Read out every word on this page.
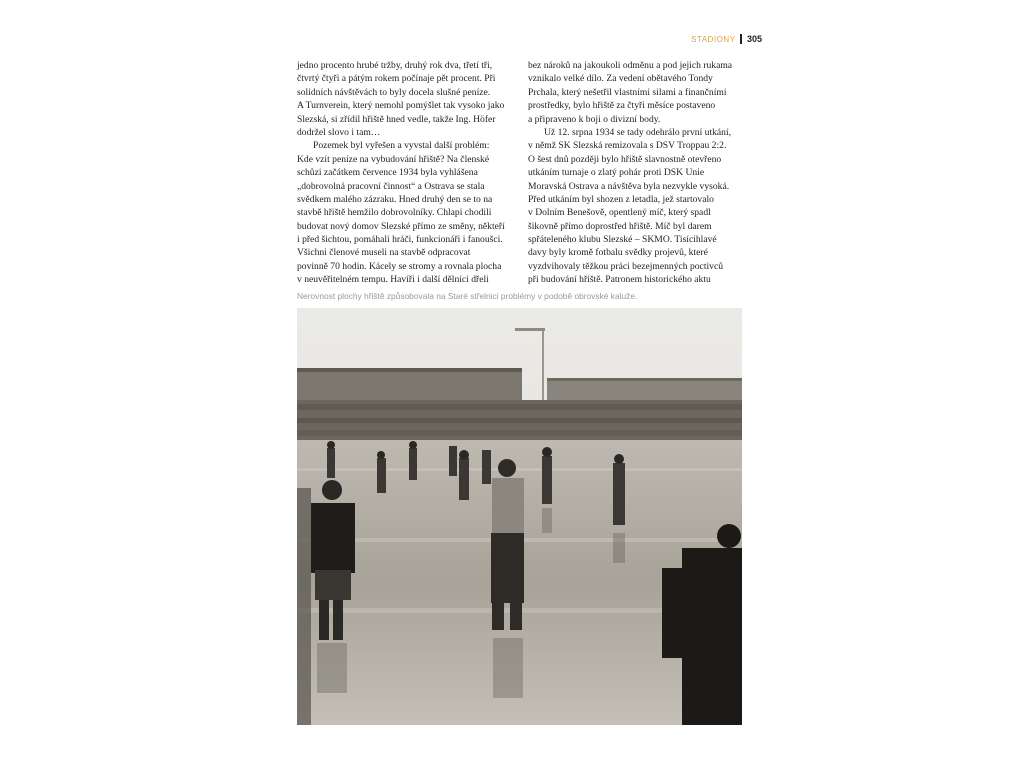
STADIONY 305
jedno procento hrubé tržby, druhý rok dva, třetí tři,
čtvrtý čtyři a pátým rokem počínaje pět procent. Při
solidních návštěvách to byly docela slušné peníze.
A Turnverein, který nemohl pomýšlet tak vysoko jako
Slezská, si zřídil hřiště hned vedle, takže Ing. Höfer
dodržel slovo i tam…
Pozemek byl vyřešen a vyvstal další problém:
Kde vzít peníze na vybudování hřiště? Na členské
schůzi začátkem července 1934 byla vyhlášena
„dobrovolná pracovní činnost“ a Ostrava se stala
svědkem malého zázraku. Hned druhý den se to na
stavbě hřiště hemžilo dobrovolníky. Chlapi chodili
budovat nový domov Slezské přímo ze směny, někteří
i před šichtou, pomáhali hráči, funkcionáři i fanoušci.
Všichni členové museli na stavbě odpracovat
povinně 70 hodin. Kácely se stromy a rovnala plocha
v neuvěřitelném tempu. Havíři i další dělníci dřeli
bez nároků na jakoukoli odměnu a pod jejich rukama
vznikalo velké dílo. Za vedení obětavého Tondy
Prchala, který nešetřil vlastními silami a finančními
prostředky, bylo hřiště za čtyři měsíce postaveno
a připraveno k boji o divizní body.
Už 12. srpna 1934 se tady odehrálo první utkání,
v němž SK Slezská remizovala s DSV Troppau 2:2.
O šest dnů později bylo hřiště slavnostně otevřeno
utkáním turnaje o zlatý pohár proti DSK Unie
Moravská Ostrava a návštěva byla nezvykle vysoká.
Před utkáním byl shozen z letadla, jež startovalo
v Dolním Benešově, opentlený míč, který spadl
šikovně přímo doprostřed hřiště. Míč byl darem
spřáteleného klubu Slezské – SKMO. Tisícihlavé
davy byly kromě fotbalu svědky projevů, které
vyzdvihovaly těžkou práci bezejmenných poctivců
při budování hřiště. Patronem historického aktu
Nerovnost plochy hřiště způsobovala na Staré střelnici problémy v podobě obrovské kaluže.
